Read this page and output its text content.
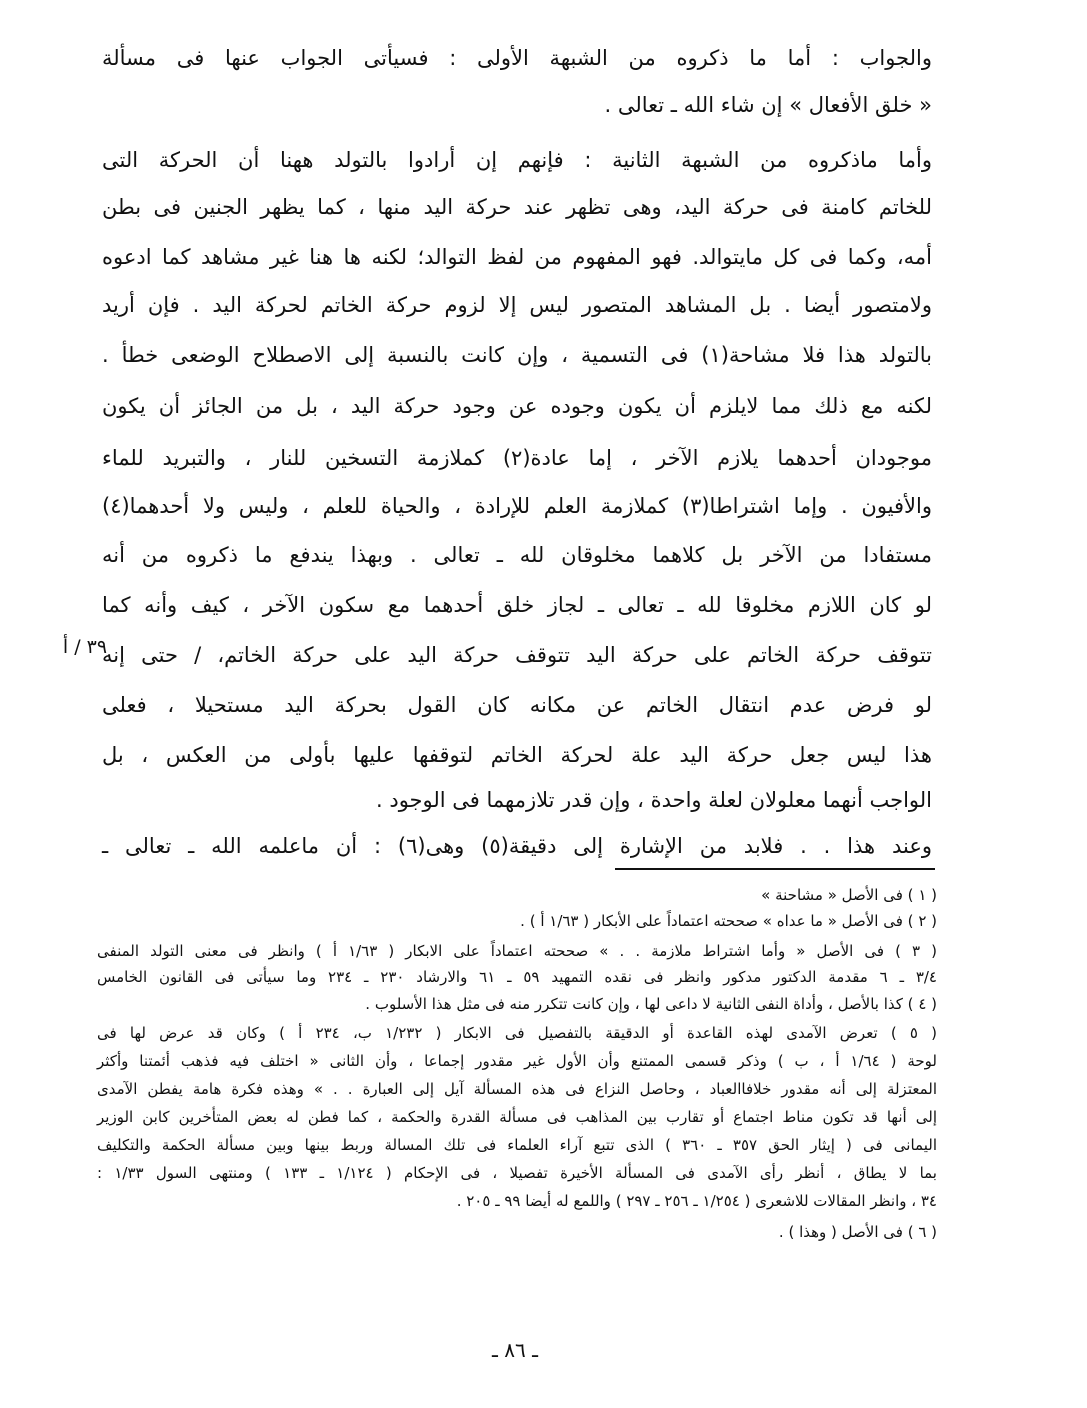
والجواب : أما ما ذكروه من الشبهة الأولى : فسيأتى الجواب عنها فى مسألة
« خلق الأفعال » إن شاء الله ـ تعالى .
وأما ماذكروه من الشبهة الثانية : فإنهم إن أرادوا بالتولد ههنا أن الحركة التى
للخاتم كامنة فى حركة اليد، وهى تظهر عند حركة اليد منها ، كما يظهر الجنين فى بطن
أمه، وكما فى كل مايتوالد. فهو المفهوم من لفظ التوالد؛ لكنه ها هنا غير مشاهد كما ادعوه
ولامتصور أيضا . بل المشاهد المتصور ليس إلا لزوم حركة الخاتم لحركة اليد . فإن أريد
بالتولد هذا فلا مشاحة(١) فى التسمية ، وإن كانت بالنسبة إلى الاصطلاح الوضعى خطأ .
لكنه مع ذلك مما لايلزم أن يكون وجوده عن وجود حركة اليد ، بل من الجائز أن يكون
موجودان أحدهما يلازم الآخر ، إما عادة(٢) كملازمة التسخين للنار ، والتبريد للماء
والأفيون . وإما اشتراطا(٣) كملازمة العلم للإرادة ، والحياة للعلم ، وليس ولا أحدهما(٤)
مستفادا من الآخر بل كلاهما مخلوقان لله ـ تعالى . وبهذا يندفع ما ذكروه من أنه
لو كان اللازم مخلوقا لله ـ تعالى ـ لجاز خلق أحدهما مع سكون الآخر ، كيف وأنه كما
تتوقف حركة الخاتم على حركة اليد تتوقف حركة اليد على حركة الخاتم، / حتى إنه
لو فرض عدم انتقال الخاتم عن مكانه كان القول بحركة اليد مستحيلا ، فعلى
هذا ليس جعل حركة اليد علة لحركة الخاتم لتوقفها عليها بأولى من العكس ، بل
الواجب أنهما معلولان لعلة واحدة ، وإن قدر تلازمهما فى الوجود .
وعند هذا . . فلابد من الإشارة إلى دقيقة(٥) وهى(٦) : أن ماعلمه الله ـ تعالى ـ
٣٩ / أ
( ١ ) فى الأصل « مشاحنة »
( ٢ ) فى الأصل « ما عداه » صححته اعتماداً على الأبكار ( ١/٦٣ أ ) .
( ٣ ) فى الأصل « وأما اشتراط ملازمة . . » صححته اعتماداً على الابكار ( ١/٦٣ أ ) وانظر فى معنى التولد المنفى
٣/٤ ـ ٦ مقدمة الدكتور مدكور وانظر فى نقده التمهيد ٥٩ ـ ٦١ والارشاد ٢٣٠ ـ ٢٣٤ وما سيأتى فى القانون الخامس
( ٤ ) كذا بالأصل ، وأداة النفى الثانية لا داعى لها ، وإن كانت تتكرر منه فى مثل هذا الأسلوب .
( ٥ ) تعرض الآمدى لهذه القاعدة أو الدقيقة بالتفصيل فى الابكار ( ١/٢٣٢ ب، ٢٣٤ أ ) وكان قد عرض لها فى
لوحة ( ١/٦٤ أ ، ب ) وذكر قسمى الممتنع وأن الأول غير مقدور إجماعا ، وأن الثانى « اختلف فيه فذهب أئمتنا وأكثر
المعتزلة إلى أنه مقدور خلافاالعباد ، وحاصل النزاع فى هذه المسألة آيل إلى العبارة . . » وهذه فكرة هامة يفطن الآمدى
إلى أنها قد تكون مناط اجتماع أو تقارب بين المذاهب فى مسألة القدرة والحكمة ، كما فطن له بعض المتأخرين كابن الوزير
اليمانى فى ( إيثار الحق ٣٥٧ ـ ٣٦٠ ) الذى تتبع آراء العلماء فى تلك المسالة وربط بينها وبين مسألة الحكمة والتكليف
بما لا يطاق ، أنظر رأى الآمدى فى المسألة الأخيرة تفصيلا ، فى الإحكام ( ١/١٢٤ ـ ١٣٣ ) ومنتهى السول ١/٣٣ :
٣٤ ، وانظر المقالات للاشعرى ( ١/٢٥٤ ـ ٢٥٦ ـ ٢٩٧ ) واللمع له أيضا ٩٩ ـ ٢٠٥ .
( ٦ ) فى الأصل ( وهذا ) .
ـ ٨٦ ـ
